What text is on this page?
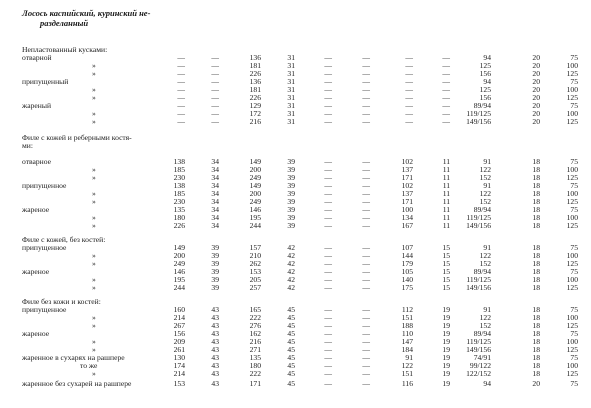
Лосось каспийский, куринский не-
разделанный
Непластованный кусками:
отварной	—	—	136	31	—	—	—	—	94	20	75
»	—	—	181	31	—	—	—	—	125	20	100
»	—	—	226	31	—	—	—	—	156	20	125
припущенный	—	—	136	31	—	—	—	—	94	20	75
»	—	—	181	31	—	—	—	—	125	20	100
»	—	—	226	31	—	—	—	—	156	20	125
жареный	—	—	129	31	—	—	—	—	89/94	20	75
»	—	—	172	31	—	—	—	—	119/125	20	100
»	—	—	216	31	—	—	—	—	149/156	20	125
Филе с кожей и реберными костя-
ми:
отварное	138	34	149	39	—	—	102	11	91	18	75
»	185	34	200	39	—	—	137	11	122	18	100
»	230	34	249	39	—	—	171	11	152	18	125
припущенное	138	34	149	39	—	—	102	11	91	18	75
»	185	34	200	39	—	—	137	11	122	18	100
»	230	34	249	39	—	—	171	11	152	18	125
жареное	135	34	146	39	—	—	100	11	89/94	18	75
»	180	34	195	39	—	—	134	11	119/125	18	100
»	226	34	244	39	—	—	167	11	149/156	18	125
Филе с кожей, без костей:
припущенное	149	39	157	42	—	—	107	15	91	18	75
»	200	39	210	42	—	—	144	15	122	18	100
»	249	39	262	42	—	—	179	15	152	18	125
жареное	146	39	153	42	—	—	105	15	89/94	18	75
»	195	39	205	42	—	—	140	15	119/125	18	100
»	244	39	257	42	—	—	175	15	149/156	18	125
Филе без кожи и костей:
припущенное	160	43	165	45	—	—	112	19	91	18	75
»	214	43	222	45	—	—	151	19	122	18	100
»	267	43	276	45	—	—	188	19	152	18	125
жареное	156	43	162	45	—	—	110	19	89/94	18	75
»	209	43	216	45	—	—	147	19	119/125	18	100
»	261	43	271	45	—	—	184	19	149/156	18	125
жаренное в сухарях на рашпере	130	43	135	45	—	—	91	19	74/91	18	75
то же	174	43	180	45	—	—	122	19	99/122	18	100
»	214	43	222	45	—	—	151	19	122/152	18	125
жаренное без сухарей на рашпере	153	43	171	45	—	—	116	19	94	20	75
